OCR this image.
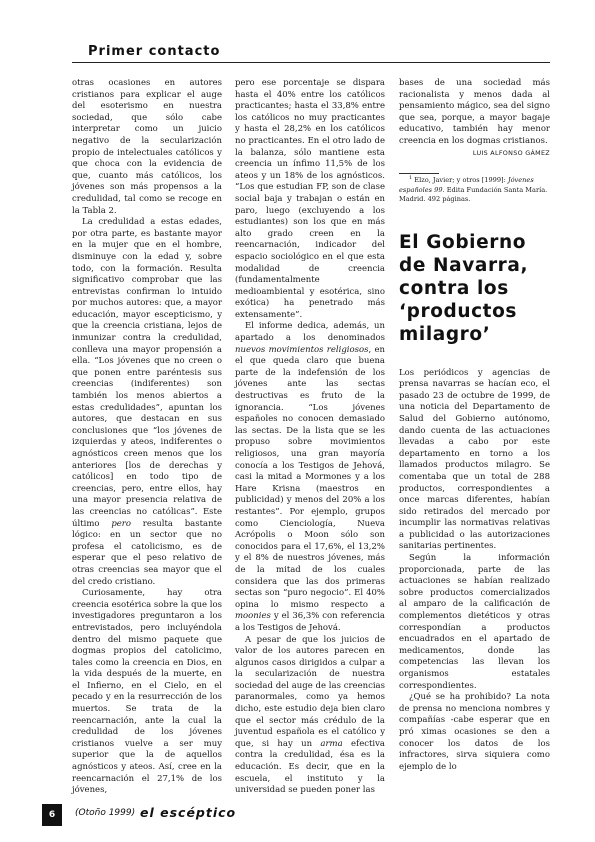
Primer contacto

otras ocasiones en autores cristianos para explicar el auge del esoterismo en nuestra sociedad, que sólo cabe interpretar como un juicio negativo de la secularización propio de intelectuales católicos y que choca con la evidencia de que, cuanto más católicos, los jóvenes son más propensos a la credulidad, tal como se recoge en la Tabla 2.

La credulidad a estas edades, por otra parte, es bastante mayor en la mujer que en el hombre, disminuye con la edad y, sobre todo, con la formación. Resulta significativo comprobar que las entrevistas confirman lo intuido por muchos autores: que, a mayor educación, mayor escepticismo, y que la creencia cristiana, lejos de inmunizar contra la credulidad, conlleva una mayor propensión a ella. “Los jóvenes que no creen o que ponen entre paréntesis sus creencias (indiferentes) son también los menos abiertos a estas credulidades”, apuntan los autores, que destacan en sus conclusiones que “los jóvenes de izquierdas y ateos, indiferentes o agnósticos creen menos que los anteriores [los de derechas y católicos] en todo tipo de creencias, pero, entre ellos, hay una mayor presencia relativa de las creencias no católicas”. Este último pero resulta bastante lógico: en un sector que no profesa el catolicismo, es de esperar que el peso relativo de otras creencias sea mayor que el del credo cristiano.

Curiosamente, hay otra creencia esotérica sobre la que los investigadores preguntaron a los entrevistados, pero incluyéndola dentro del mismo paquete que dogmas propios del catolicimo, tales como la creencia en Dios, en la vida después de la muerte, en el Infierno, en el Cielo, en el pecado y en la resurrección de los muertos. Se trata de la reencarnación, ante la cual la credulidad de los jóvenes cristianos vuelve a ser muy superior que la de aquellos agnósticos y ateos. Así, cree en la reencarnación el 27,1% de los jóvenes,

pero ese porcentaje se dispara hasta el 40% entre los católicos practicantes; hasta el 33,8% entre los católicos no muy practicantes y hasta el 28,2% en los católicos no practicantes. En el otro lado de la balanza, sólo mantiene esta creencia un ínfimo 11,5% de los ateos y un 18% de los agnósticos. “Los que estudian FP, son de clase social baja y trabajan o están en paro, luego (excluyendo a los estudiantes) son los que en más alto grado creen en la reencarnación, indicador del espacio sociológico en el que esta modalidad de creencia (fundamentalmente medioambiental y esotérica, sino exótica) ha penetrado más extensamente”.

El informe dedica, además, un apartado a los denominados nuevos movimientos religiosos, en el que queda claro que buena parte de la indefensión de los jóvenes ante las sectas destructivas es fruto de la ignorancia. “Los jóvenes españoles no conocen demasiado las sectas. De la lista que se les propuso sobre movimientos religiosos, una gran mayoría conocía a los Testigos de Jehová, casi la mitad a Mormones y a los Hare Krisna (maestros en publicidad) y menos del 20% a los restantes”. Por ejemplo, grupos como Cienciología, Nueva Acrópolis o Moon sólo son conocidos para el 17,6%, el 13,2% y el 8% de nuestros jóvenes, más de la mitad de los cuales considera que las dos primeras sectas son “puro negocio”. El 40% opina lo mismo respecto a moonies y el 36,3% con referencia a los Testigos de Jehová.

A pesar de que los juicios de valor de los autores parecen en algunos casos dirigidos a culpar a la secularización de nuestra sociedad del auge de las creencias paranormales, como ya hemos dicho, este estudio deja bien claro que el sector más crédulo de la juventud española es el católico y que, si hay un arma efectiva contra la credulidad, ésa es la educación. Es decir, que en la escuela, el instituto y la universidad se pueden poner las

bases de una sociedad más racionalista y menos dada al pensamiento mágico, sea del signo que sea, porque, a mayor bagaje educativo, también hay menor creencia en los dogmas cristianos.

LUIS ALFONSO GÁMEZ

$^1$ Elzo, Javier; y otros [1999]: Jóvenes españoles 99. Edita Fundación Santa María. Madrid. 492 páginas.

El Gobierno
de Navarra,
contra los
‘productos
milagro’

Los periódicos y agencias de prensa navarras se hacían eco, el pasado 23 de octubre de 1999, de una noticia del Departamento de Salud del Gobierno autónomo, dando cuenta de las actuaciones llevadas a cabo por este departamento en torno a los llamados productos milagro. Se comentaba que un total de 288 productos, correspondientes a once marcas diferentes, habían sido retirados del mercado por incumplir las normativas relativas a publicidad o las autorizaciones sanitarias pertinentes.

Según la información proporcionada, parte de las actuaciones se habían realizado sobre productos comercializados al amparo de la calificación de complementos dietéticos y otras correspondían a productos encuadrados en el apartado de medicamentos, donde las competencias las llevan los organismos estatales correspondientes.

¿Qué se ha prohibido? La nota de prensa no menciona nombres y compañías -cabe esperar que en pró ximas ocasiones se den a conocer los datos de los infractores, sirva siquiera como ejemplo de lo

6	(Otoño 1999) el escéptico
